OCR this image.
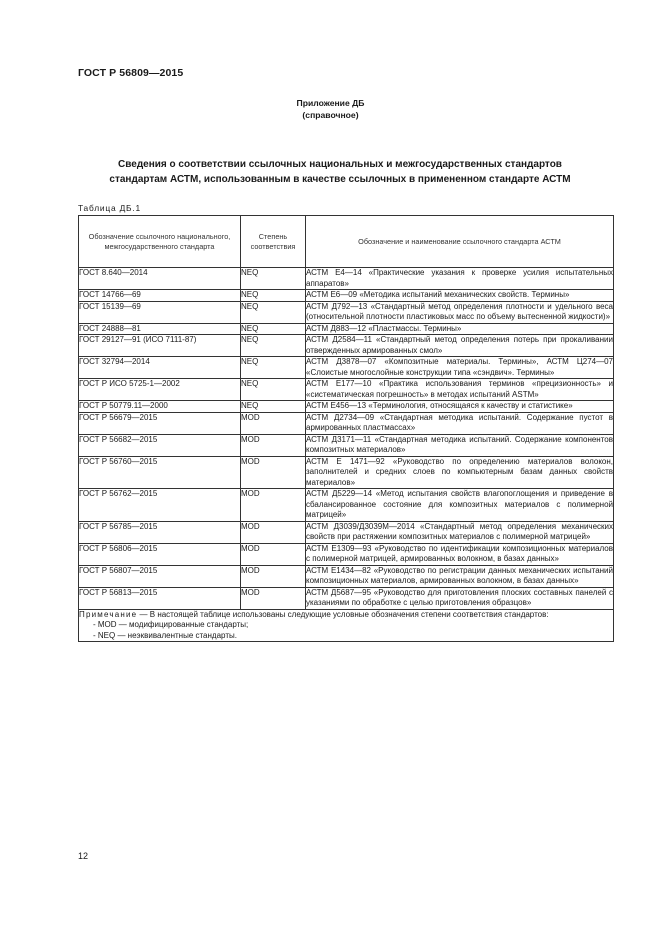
ГОСТ Р 56809—2015
Приложение ДБ
(справочное)
Сведения о соответствии ссылочных национальных и межгосударственных стандартов
стандартам АСТМ, использованным в качестве ссылочных в примененном стандарте АСТМ
Таблица ДБ.1
Обозначение ссылочного национального, межгосударственного стандарта	Степень соответствия	Обозначение и наименование ссылочного стандарта АСТМ
ГОСТ 8.640—2014	NEQ	АСТМ Е4—14 «Практические указания к проверке усилия испытательных аппаратов»
ГОСТ 14766—69	NEQ	АСТМ Е6—09 «Методика испытаний механических свойств. Термины»
ГОСТ 15139—69	NEQ	АСТМ Д792—13 «Стандартный метод определения плотности и удельного веса (относительной плотности пластиковых масс по объему вытесненной жидкости)»
ГОСТ 24888—81	NEQ	АСТМ Д883—12 «Пластмассы. Термины»
ГОСТ 29127—91 (ИСО 7111-87)	NEQ	АСТМ Д2584—11 «Стандартный метод определения потерь при прокаливании отвержденных армированных смол»
ГОСТ 32794—2014	NEQ	АСТМ Д3878—07 «Композитные материалы. Термины», АСТМ Ц274—07 «Слоистые многослойные конструкции типа «сэндвич». Термины»
ГОСТ Р ИСО 5725-1—2002	NEQ	АСТМ Е177—10 «Практика использования терминов «прецизионность» и «систематическая погрешность» в методах испытаний ASTM»
ГОСТ Р 50779.11—2000	NEQ	АСТМ Е456—13 «Терминология, относящаяся к качеству и статистике»
ГОСТ Р 56679—2015	MOD	АСТМ Д2734—09 «Стандартная методика испытаний. Содержание пустот в армированных пластмассах»
ГОСТ Р 56682—2015	MOD	АСТМ Д3171—11 «Стандартная методика испытаний. Содержание компонентов композитных материалов»
ГОСТ Р 56760—2015	MOD	АСТМ Е 1471—92 «Руководство по определению материалов волокон, заполнителей и средних слоев по компьютерным базам данных свойств материалов»
ГОСТ Р 56762—2015	MOD	АСТМ Д5229—14 «Метод испытания свойств влагопоглощения и приведение в сбалансированное состояние для композитных материалов с полимерной матрицей»
ГОСТ Р 56785—2015	MOD	АСТМ Д3039/Д3039М—2014 «Стандартный метод определения механических свойств при растяжении композитных материалов с полимерной матрицей»
ГОСТ Р 56806—2015	MOD	АСТМ Е1309—93 «Руководство по идентификации композиционных материалов с полимерной матрицей, армированных волокном, в базах данных»
ГОСТ Р 56807—2015	MOD	АСТМ Е1434—82 «Руководство по регистрации данных механических испытаний композиционных материалов, армированных волокном, в базах данных»
ГОСТ Р 56813—2015	MOD	АСТМ Д5687—95 «Руководство для приготовления плоских составных панелей с указаниями по обработке с целью приготовления образцов»

Примечание — В настоящей таблице использованы следующие условные обозначения степени соответствия стандартов:
- MOD — модифицированные стандарты;
- NEQ — неэквивалентные стандарты.		
12
